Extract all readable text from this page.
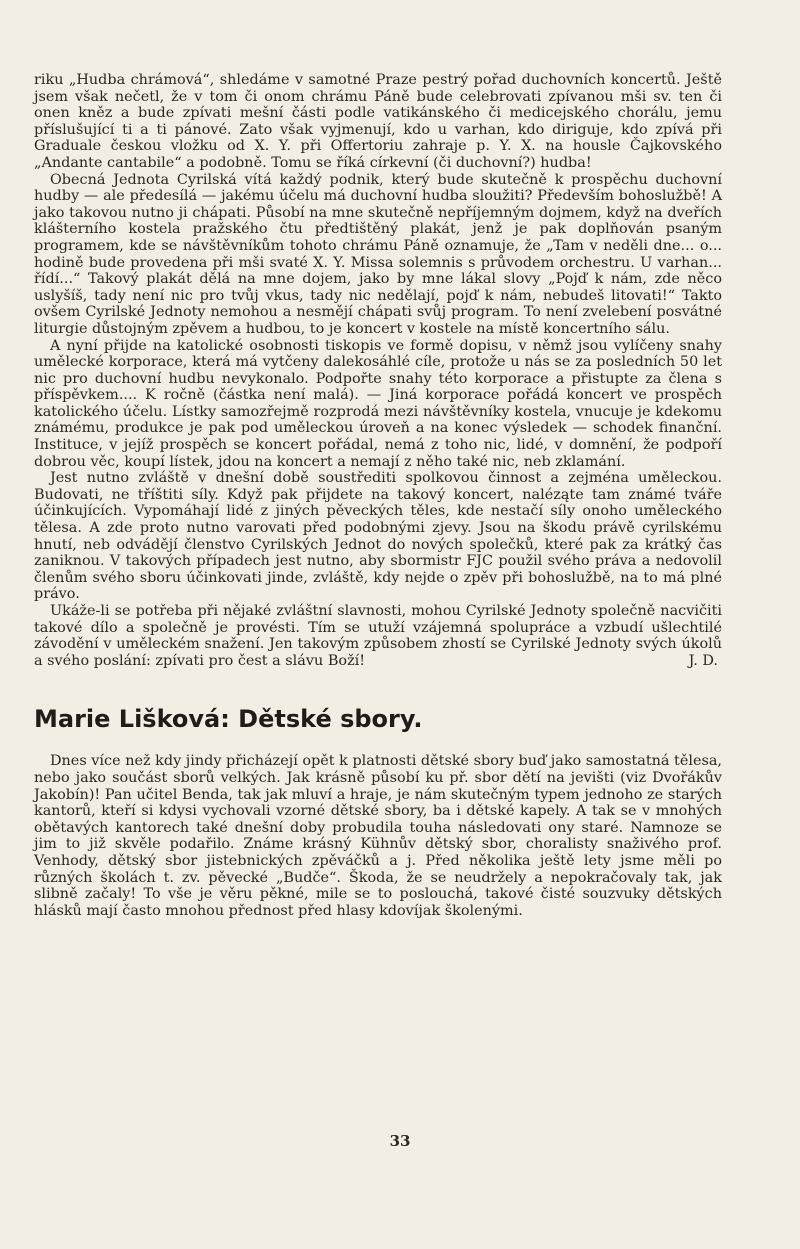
riku „Hudba chrámová“, shledáme v samotné Praze pestrý pořad duchovních koncertů. Ještě jsem však nečetl, že v tom či onom chrámu Páně bude celebrovati zpívanou mši sv. ten či onen kněz a bude zpívati mešní části podle vatikánského či medicejského chorálu, jemu příslušující ti a ti pánové. Zato však vyjmenují, kdo u varhan, kdo diriguje, kdo zpívá při Graduale českou vložku od X. Y. při Offertoriu zahraje p. Y. X. na housle Čajkovského „Andante cantabile“ a podobně. Tomu se říká církevní (či duchovní?) hudba!

Obecná Jednota Cyrilská vítá každý podnik, který bude skutečně k prospěchu duchovní hudby — ale předesílá — jakému účelu má duchovní hudba sloužiti? Především bohoslužbě! A jako takovou nutno ji chápati. Působí na mne skutečně nepříjemným dojmem, když na dveřích klášterního kostela pražského čtu předtištěný plakát, jenž je pak doplňován psaným programem, kde se návštěvníkům tohoto chrámu Páně oznamuje, že „Tam v neděli dne... o... hodině bude provedena při mši svaté X. Y. Missa solemnis s průvodem orchestru. U varhan... řídí...“ Takový plakát dělá na mne dojem, jako by mne lákal slovy „Pojď k nám, zde něco uslyšíš, tady není nic pro tvůj vkus, tady nic nedělají, pojď k nám, nebudeš litovati!“ Takto ovšem Cyrilské Jednoty nemohou a nesmějí chápati svůj program. To není zvelebení posvátné liturgie důstojným zpěvem a hudbou, to je koncert v kostele na místě koncertního sálu.

A nyní přijde na katolické osobnosti tiskopis ve formě dopisu, v němž jsou vylíčeny snahy umělecké korporace, která má vytčeny dalekosáhlé cíle, protože u nás se za posledních 50 let nic pro duchovní hudbu nevykonalo. Podpořte snahy této korporace a přistupte za člena s příspěvkem.... K ročně (částka není malá). — Jiná korporace pořádá koncert ve prospěch katolického účelu. Lístky samozřejmě rozprodá mezi návštěvníky kostela, vnucuje je kdekomu známému, produkce je pak pod uměleckou úroveň a na konec výsledek — schodek finanční. Instituce, v jejíž prospěch se koncert pořádal, nemá z toho nic, lidé, v domnění, že podpoří dobrou věc, koupí lístek, jdou na koncert a nemají z něho také nic, neb zklamání.

Jest nutno zvláště v dnešní době soustřediti spolkovou činnost a zejména uměleckou. Budovati, ne tříštiti síly. Když pak přijdete na takový koncert, naléząte tam známé tváře účinkujících. Vypomáhají lidé z jiných pěveckých těles, kde nestačí síly onoho uměleckého tělesa. A zde proto nutno varovati před podobnými zjevy. Jsou na škodu právě cyrilskému hnutí, neb odvádějí členstvo Cyrilských Jednot do nových společků, které pak za krátký čas zaniknou. V takových případech jest nutno, aby sbormistr FJC použil svého práva a nedovolil členům svého sboru účinkovati jinde, zvláště, kdy nejde o zpěv při bohoslužbě, na to má plné právo.

Ukáže-li se potřeba při nějaké zvláštní slavnosti, mohou Cyrilské Jednoty společně nacvičiti takové dílo a společně je provésti. Tím se utuží vzájemná spolupráce a vzbudí ušlechtilé závodění v uměleckém snažení. Jen takovým způsobem zhostí se Cyrilské Jednoty svých úkolů a svého poslání: zpívati pro čest a slávu Boží!	J. D.
Marie Lišková: Dětské sbory.

Dnes více než kdy jindy přicházejí opět k platnosti dětské sbory buď jako samostatná tělesa, nebo jako součást sborů velkých. Jak krásně působí ku př. sbor dětí na jevišti (viz Dvořákův Jakobín)! Pan učitel Benda, tak jak mluví a hraje, je nám skutečným typem jednoho ze starých kantorů, kteří si kdysi vychovali vzorné dětské sbory, ba i dětské kapely. A tak se v mnohých obětavých kantorech také dnešní doby probudila touha následovati ony staré. Namnoze se jim to již skvěle podařilo. Známe krásný Kühnův dětský sbor, choralisty snaživého prof. Venhody, dětský sbor jistebnických zpěváčků a j. Před několika ještě lety jsme měli po různých školách t. zv. pěvecké „Budče“. Škoda, že se neudržely a nepokračovaly tak, jak slibně začaly! To vše je věru pěkné, mile se to poslouchá, takové čisté souzvuky dětských hlásků mají často mnohou přednost před hlasy kdovíjak školenými.

33
